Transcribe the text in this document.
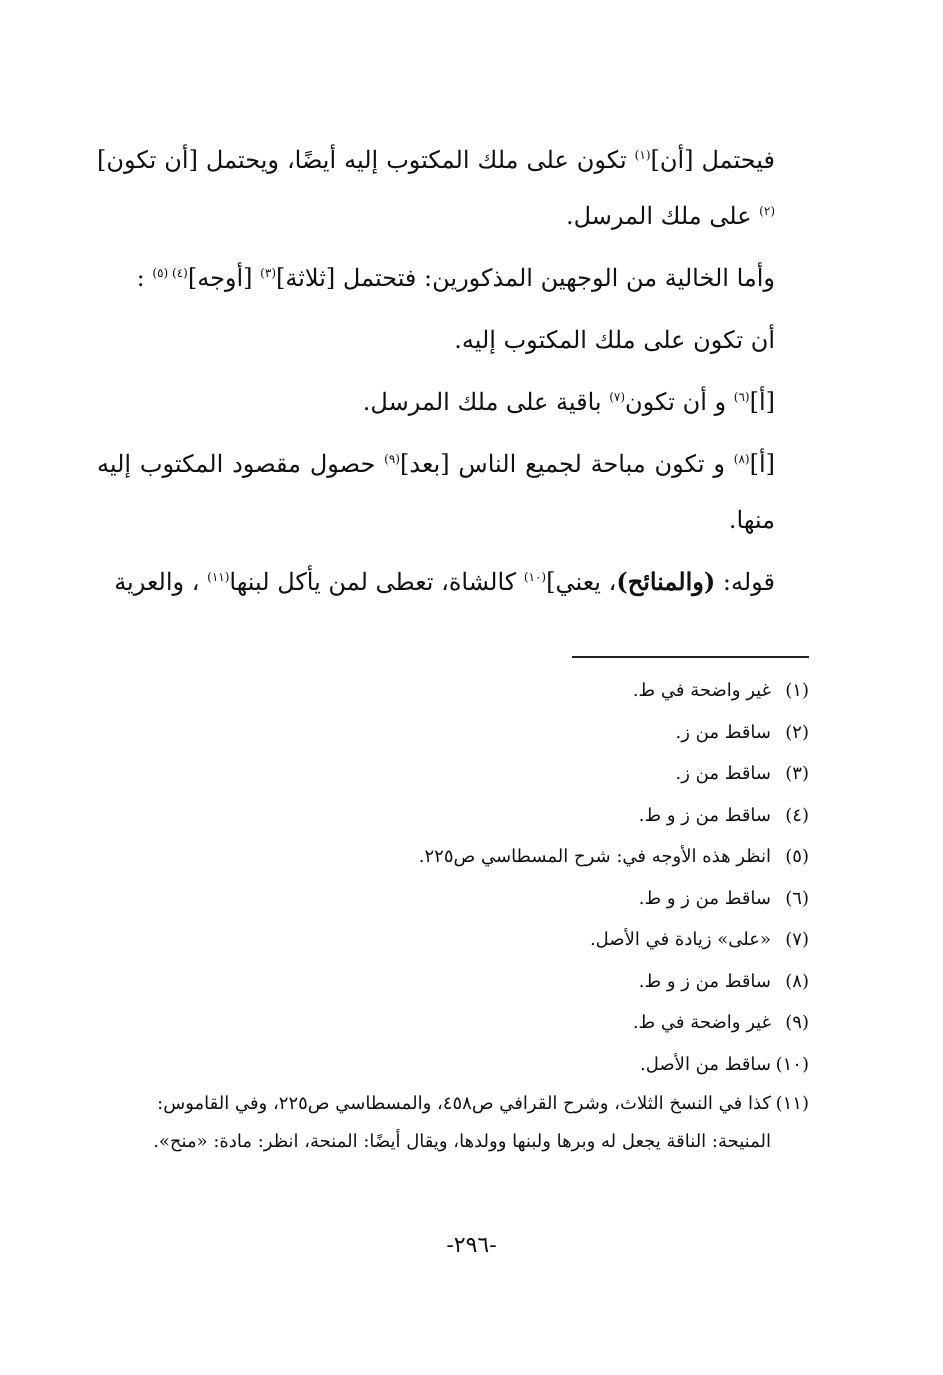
فيحتمل [أن]$^{(١)}$ تكون على ملك المكتوب إليه أيضًا، ويحتمل [أن تكون]$^{(٢)}$ على ملك المرسل.

وأما الخالية من الوجهين المذكورين: فتحتمل [ثلاثة]$^{(٣)}$ [أوجه]$^{(٤) (٥)}$ :

أن تكون على ملك المكتوب إليه.

[أ]$^{(٦)}$ و أن تكون$^{(٧)}$ باقية على ملك المرسل.

[أ]$^{(٨)}$ و تكون مباحة لجميع الناس [بعد]$^{(٩)}$ حصول مقصود المكتوب إليه منها.

قوله: (والمنائح)، يعني]$^{(١٠)}$ كالشاة، تعطى لمن يأكل لبنها$^{(١١)}$ ، والعرية

(١)
غير واضحة في ط.
(٢)
ساقط من ز.
(٣)
ساقط من ز.
(٤)
ساقط من ز و ط.
(٥)
انظر هذه الأوجه في: شرح المسطاسي ص٢٢٥.
(٦)
ساقط من ز و ط.
(٧)
«على» زيادة في الأصل.
(٨)
ساقط من ز و ط.
(٩)
غير واضحة في ط.
(١٠)
ساقط من الأصل.
(١١)
كذا في النسخ الثلاث، وشرح القرافي ص٤٥٨، والمسطاسي ص٢٢٥، وفي القاموس: المنيحة: الناقة يجعل له وبرها ولبنها وولدها، ويقال أيضًا: المنحة، انظر: مادة: «منح».
-٢٩٦-
